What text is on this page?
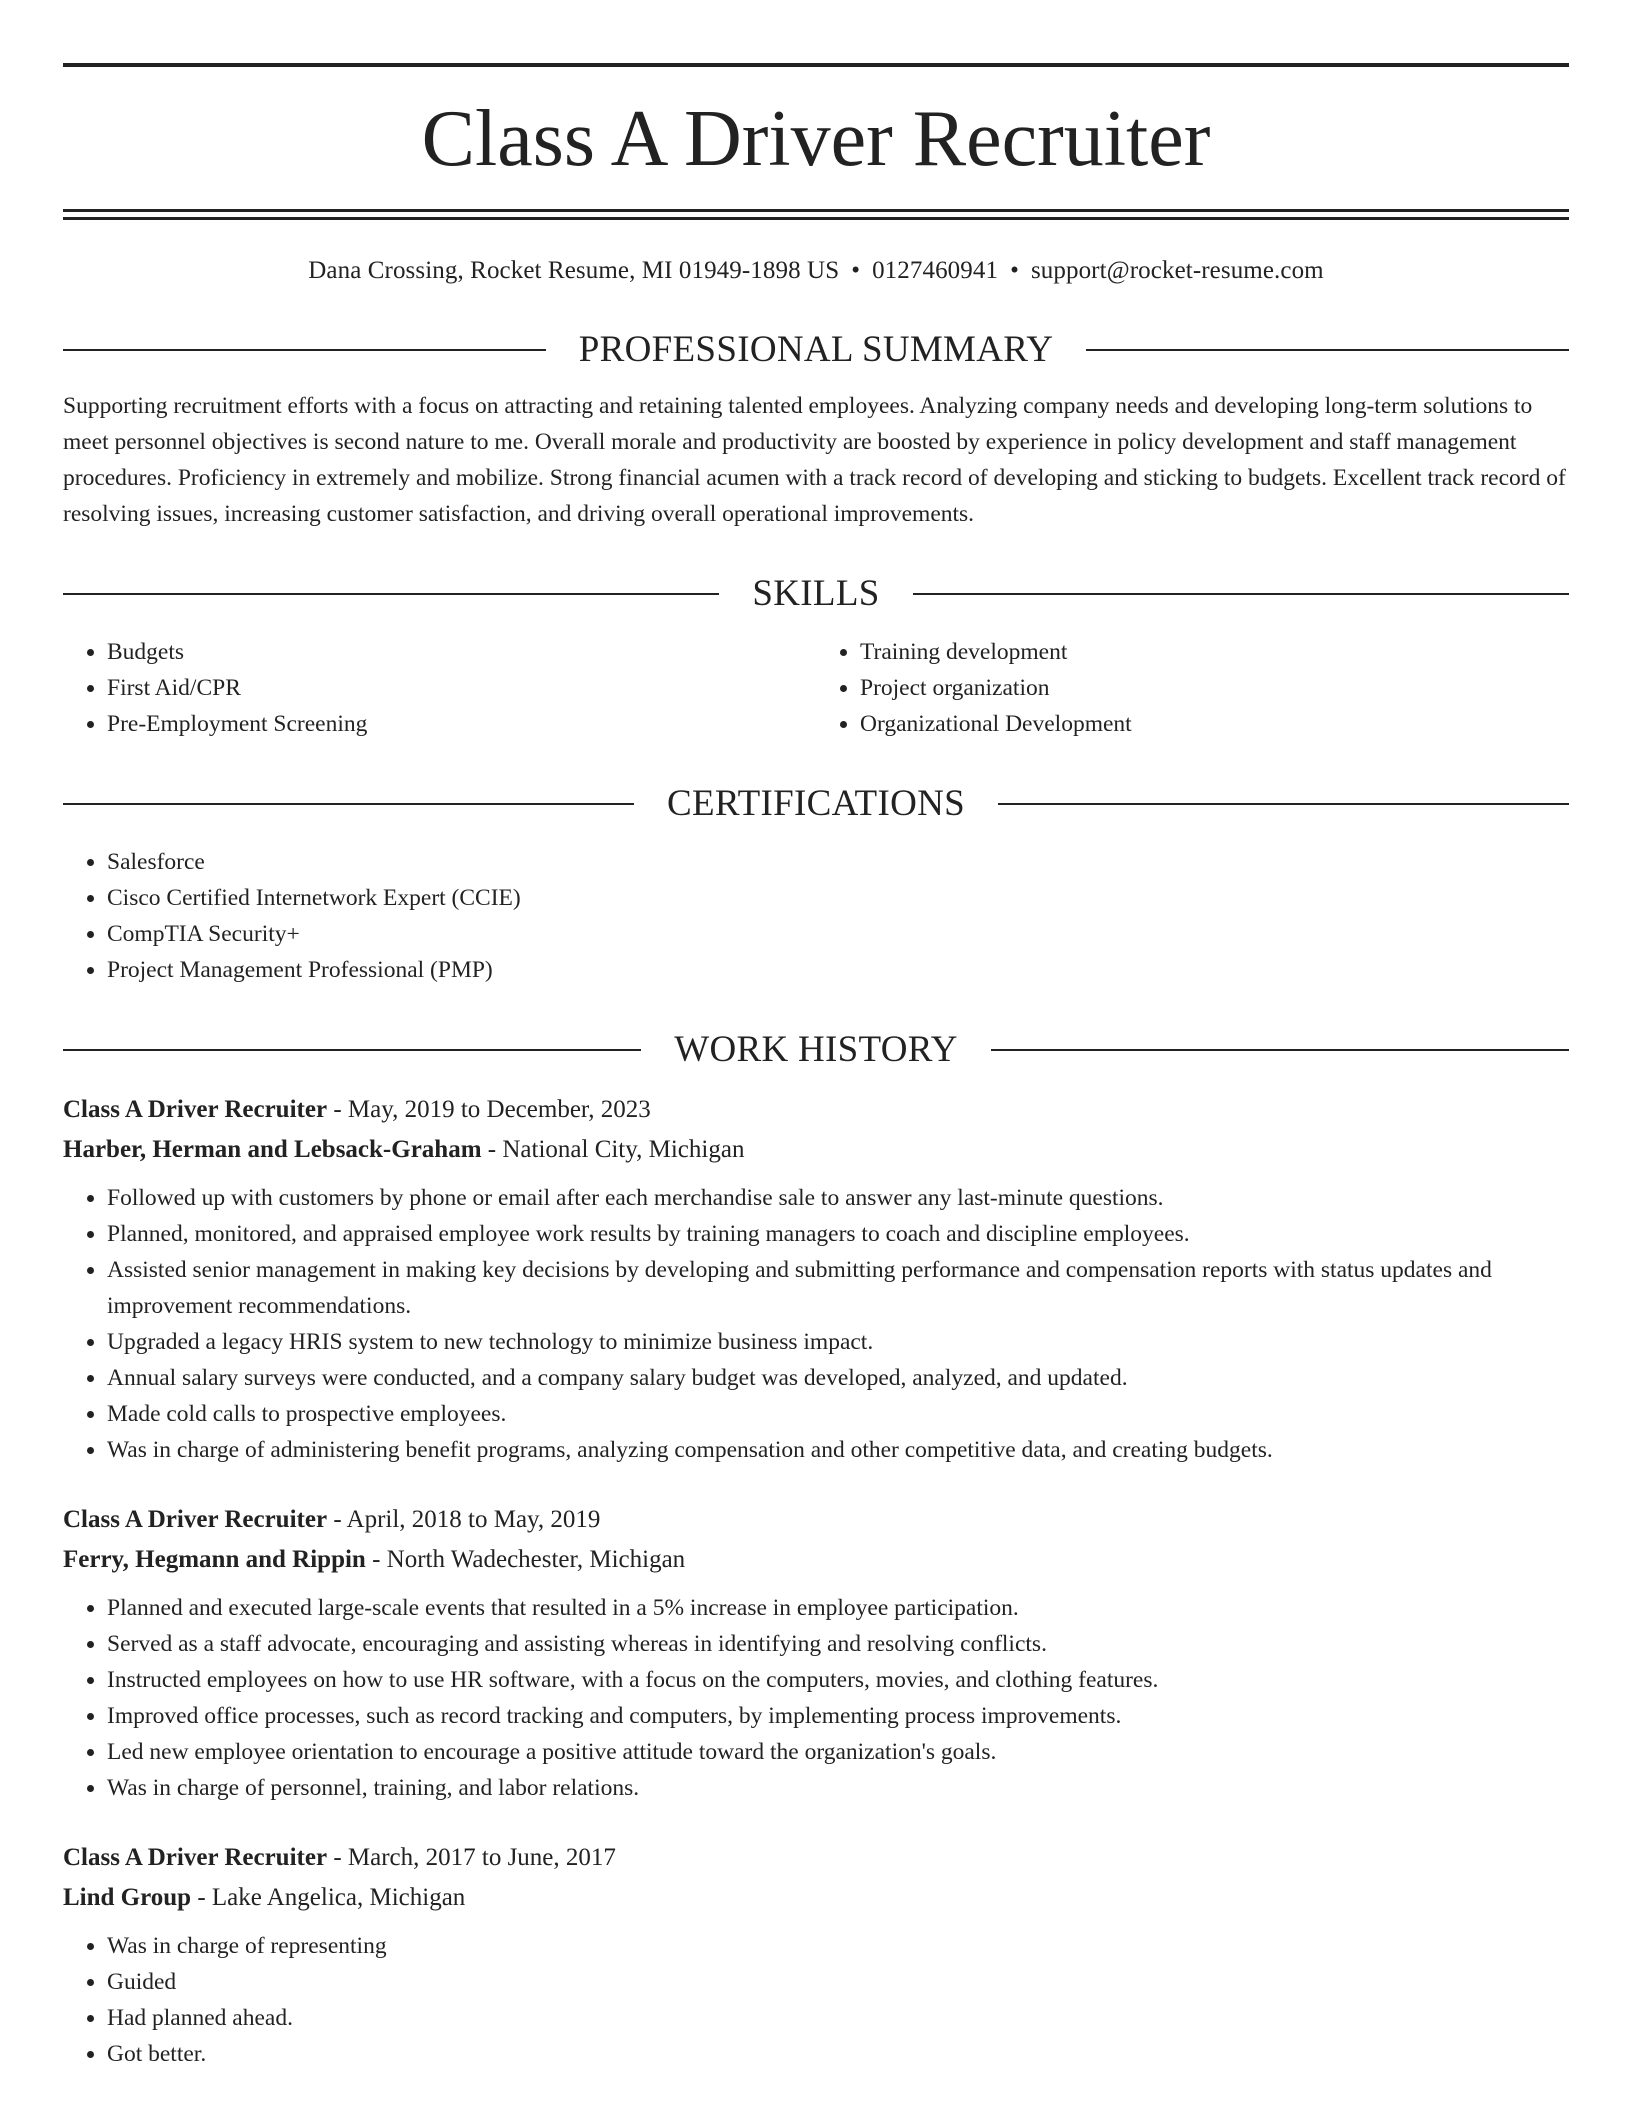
Class A Driver Recruiter
Dana Crossing, Rocket Resume, MI 01949-1898 US • 0127460941 • support@rocket-resume.com
PROFESSIONAL SUMMARY
Supporting recruitment efforts with a focus on attracting and retaining talented employees. Analyzing company needs and developing long-term solutions to meet personnel objectives is second nature to me. Overall morale and productivity are boosted by experience in policy development and staff management procedures. Proficiency in extremely and mobilize. Strong financial acumen with a track record of developing and sticking to budgets. Excellent track record of resolving issues, increasing customer satisfaction, and driving overall operational improvements.
SKILLS
• Budgets
• First Aid/CPR
• Pre-Employment Screening
• Training development
• Project organization
• Organizational Development
CERTIFICATIONS
• Salesforce
• Cisco Certified Internetwork Expert (CCIE)
• CompTIA Security+
• Project Management Professional (PMP)
WORK HISTORY
Class A Driver Recruiter - May, 2019 to December, 2023
Harber, Herman and Lebsack-Graham - National City, Michigan
• Followed up with customers by phone or email after each merchandise sale to answer any last-minute questions.
• Planned, monitored, and appraised employee work results by training managers to coach and discipline employees.
• Assisted senior management in making key decisions by developing and submitting performance and compensation reports with status updates and improvement recommendations.
• Upgraded a legacy HRIS system to new technology to minimize business impact.
• Annual salary surveys were conducted, and a company salary budget was developed, analyzed, and updated.
• Made cold calls to prospective employees.
• Was in charge of administering benefit programs, analyzing compensation and other competitive data, and creating budgets.
Class A Driver Recruiter - April, 2018 to May, 2019
Ferry, Hegmann and Rippin - North Wadechester, Michigan
• Planned and executed large-scale events that resulted in a 5% increase in employee participation.
• Served as a staff advocate, encouraging and assisting whereas in identifying and resolving conflicts.
• Instructed employees on how to use HR software, with a focus on the computers, movies, and clothing features.
• Improved office processes, such as record tracking and computers, by implementing process improvements.
• Led new employee orientation to encourage a positive attitude toward the organization's goals.
• Was in charge of personnel, training, and labor relations.
Class A Driver Recruiter - March, 2017 to June, 2017
Lind Group - Lake Angelica, Michigan
• Was in charge of representing
• Guided
• Had planned ahead.
• Got better.
